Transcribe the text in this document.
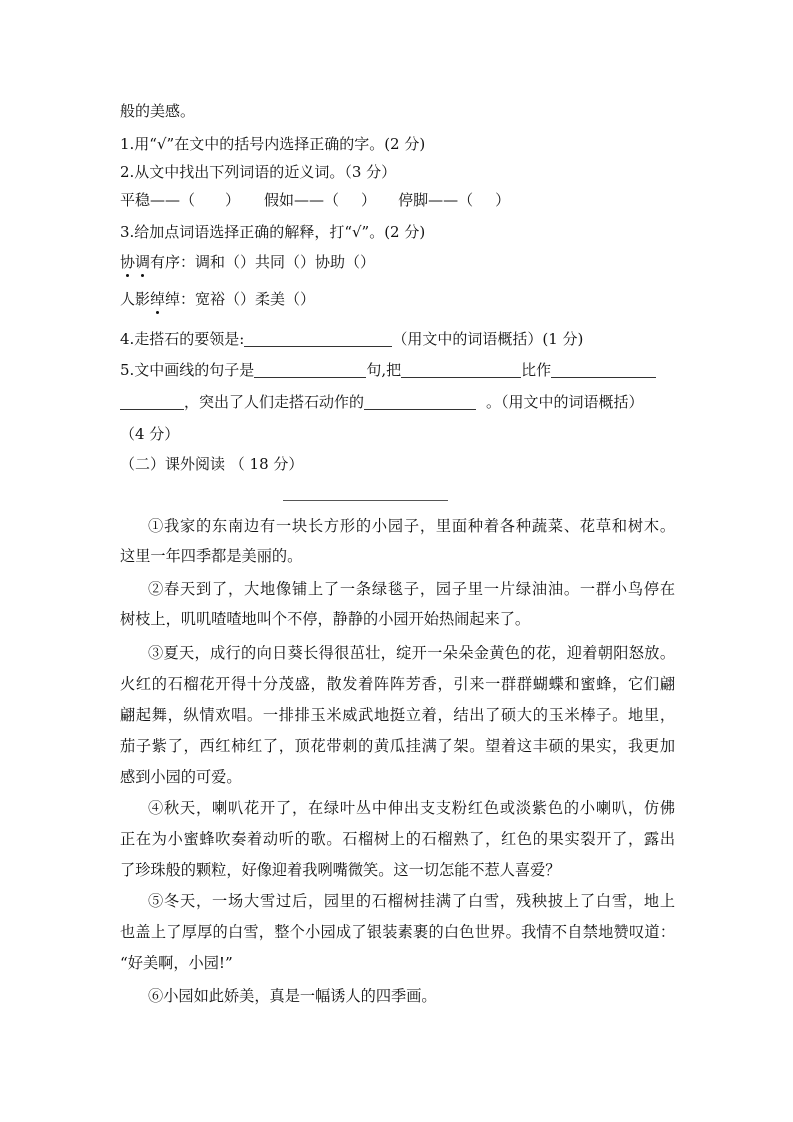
般的美感。
1.用“√”在文中的括号内选择正确的字。(2 分)
2.从文中找出下列词语的近义词。（3 分）
平稳——（ ） 假如——（ ） 停脚——（ ）
3.给加点词语选择正确的解释，打“√”。(2 分)
协调有序：调和（）共同（）协助（）
人影绰绰：宽裕（）柔美（）
4.走搭石的要领是:	（用文中的词语概括）(1 分)
5.文中画线的句子是	句,把	比作
，突出了人们走搭石动作的	。（用文中的词语概括）
（4 分）
（二）课外阅读 （ 18 分）
①我家的东南边有一块长方形的小园子，里面种着各种蔬菜、花草和树木。
这里一年四季都是美丽的。
②春天到了，大地像铺上了一条绿毯子，园子里一片绿油油。一群小鸟停在
树枝上，叽叽喳喳地叫个不停，静静的小园开始热闹起来了。
③夏天，成行的向日葵长得很茁壮，绽开一朵朵金黄色的花，迎着朝阳怒放。
火红的石榴花开得十分茂盛，散发着阵阵芳香，引来一群群蝴蝶和蜜蜂，它们翩
翩起舞，纵情欢唱。一排排玉米威武地挺立着，结出了硕大的玉米棒子。地里，
茄子紫了，西红柿红了，顶花带刺的黄瓜挂满了架。望着这丰硕的果实，我更加
感到小园的可爱。
④秋天，喇叭花开了，在绿叶丛中伸出支支粉红色或淡紫色的小喇叭，仿佛
正在为小蜜蜂吹奏着动听的歌。石榴树上的石榴熟了，红色的果实裂开了，露出
了珍珠般的颗粒，好像迎着我咧嘴微笑。这一切怎能不惹人喜爱？
⑤冬天，一场大雪过后，园里的石榴树挂满了白雪，残秧披上了白雪，地上
也盖上了厚厚的白雪，整个小园成了银装素裹的白色世界。我情不自禁地赞叹道：
“好美啊，小园!”
⑥小园如此娇美，真是一幅诱人的四季画。
